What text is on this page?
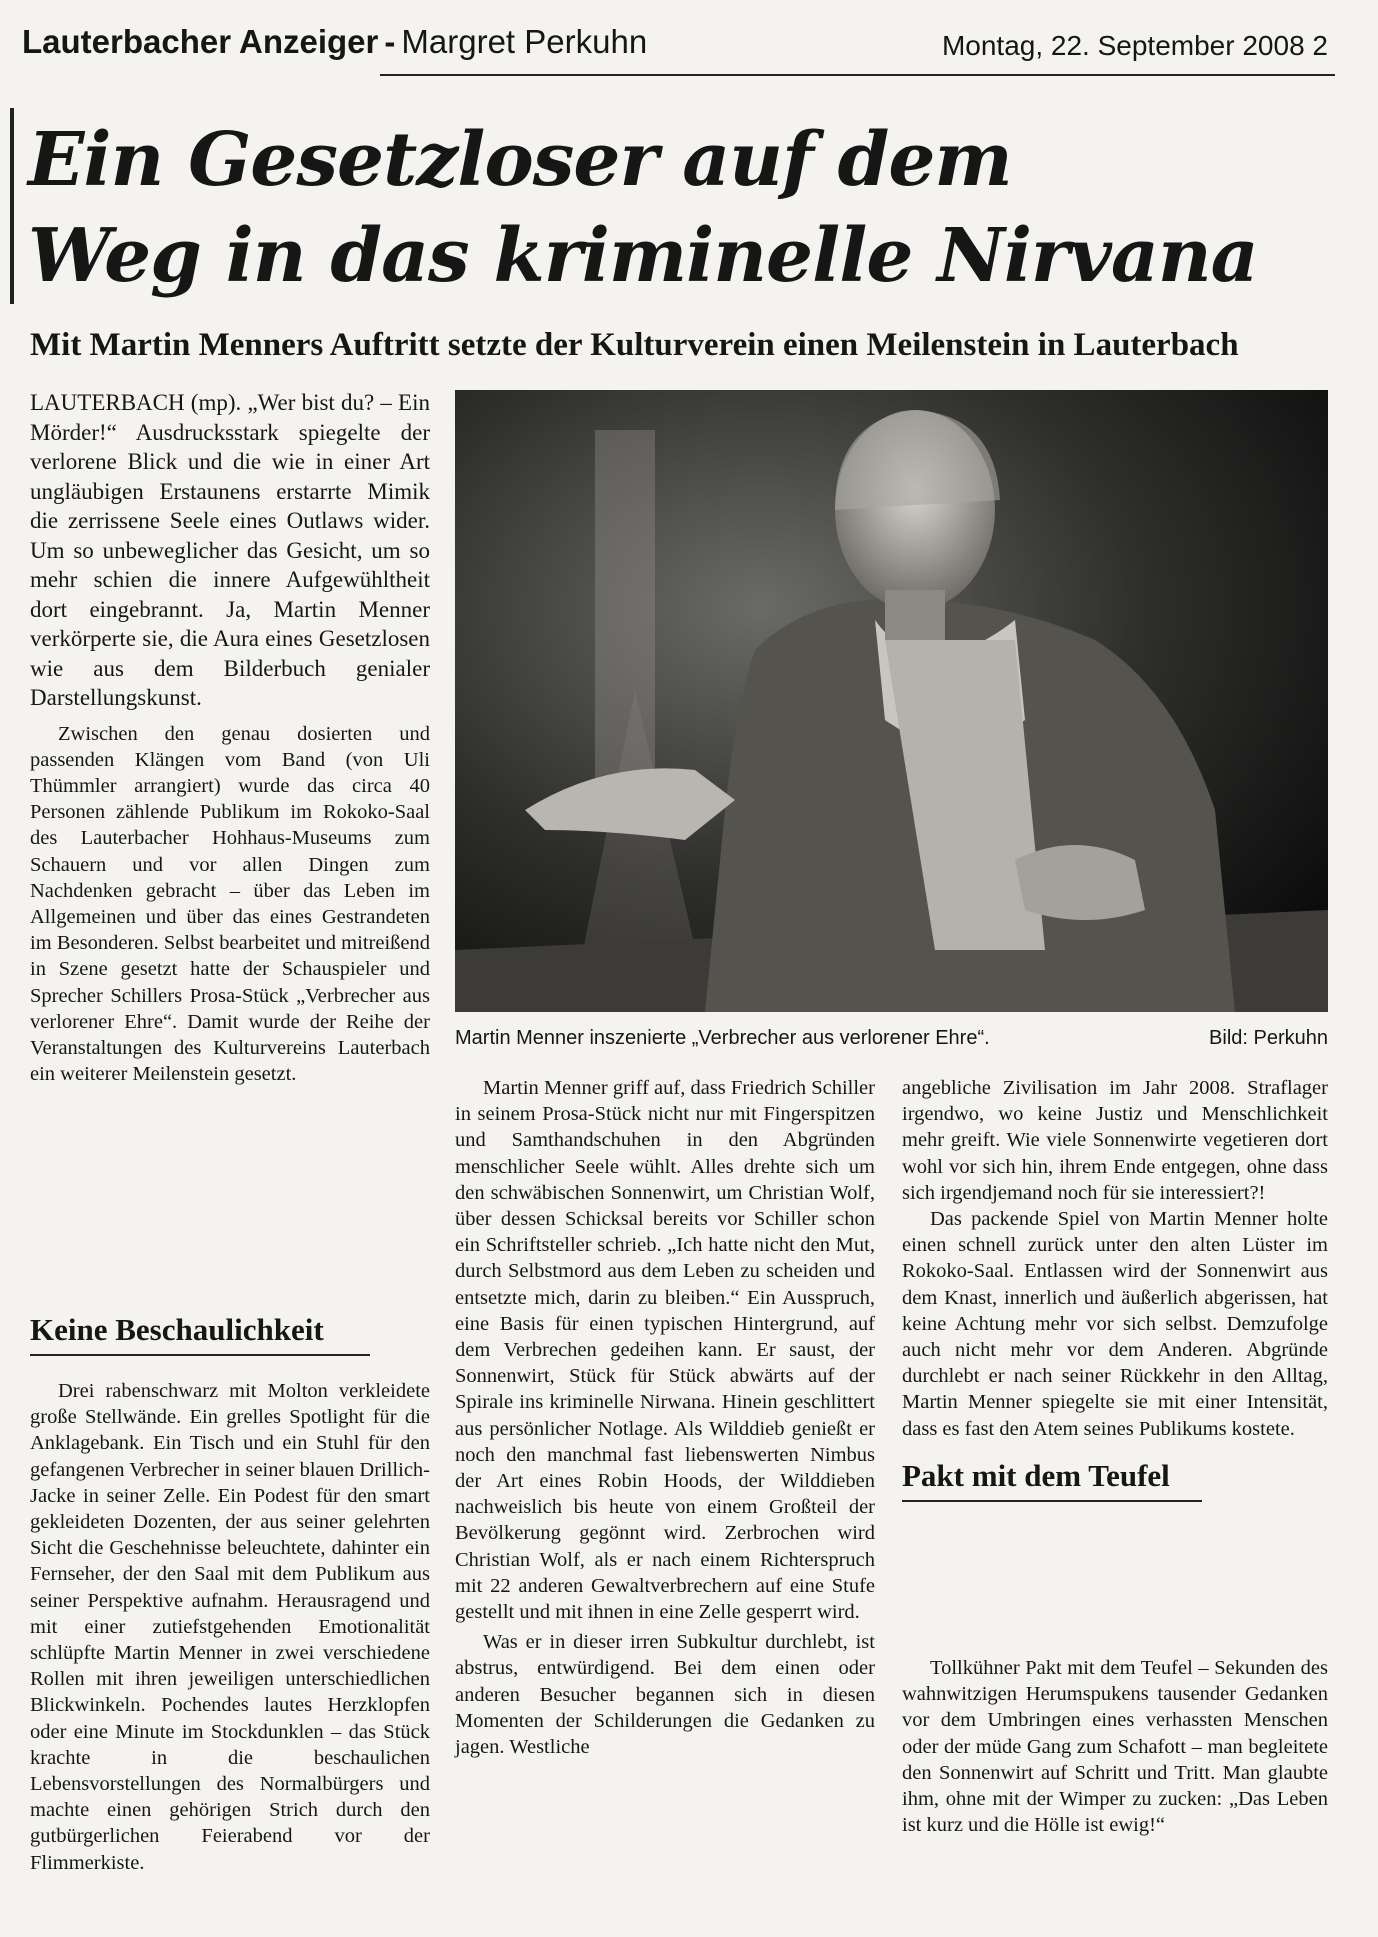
Lauterbacher Anzeiger - Margret Perkuhn	Montag, 22. September 2008 2
Ein Gesetzloser auf dem
Weg in das kriminelle Nirvana
Mit Martin Menners Auftritt setzte der Kulturverein einen Meilenstein in Lauterbach

LAUTERBACH (mp). „Wer bist du? – Ein Mörder!“ Ausdrucksstark spiegelte der verlorene Blick und die wie in einer Art ungläubigen Erstaunens erstarrte Mimik die zerrissene Seele eines Outlaws wider. Um so unbeweglicher das Gesicht, um so mehr schien die innere Aufgewühltheit dort eingebrannt. Ja, Martin Menner verkörperte sie, die Aura eines Gesetzlosen wie aus dem Bilderbuch genialer Darstellungskunst.

Zwischen den genau dosierten und passenden Klängen vom Band (von Uli Thümmler arrangiert) wurde das circa 40 Personen zählende Publikum im Rokoko-Saal des Lauterbacher Hohhaus-Museums zum Schauern und vor allen Dingen zum Nachdenken gebracht – über das Leben im Allgemeinen und über das eines Gestrandeten im Besonderen. Selbst bearbeitet und mitreißend in Szene gesetzt hatte der Schauspieler und Sprecher Schillers Prosa-Stück „Verbrecher aus verlorener Ehre“. Damit wurde der Reihe der Veranstaltungen des Kulturvereins Lauterbach ein weiterer Meilenstein gesetzt.

Keine Beschaulichkeit

Drei rabenschwarz mit Molton verkleidete große Stellwände. Ein grelles Spotlight für die Anklagebank. Ein Tisch und ein Stuhl für den gefangenen Verbrecher in seiner blauen Drillich-Jacke in seiner Zelle. Ein Podest für den smart gekleideten Dozenten, der aus seiner gelehrten Sicht die Geschehnisse beleuchtete, dahinter ein Fernseher, der den Saal mit dem Publikum aus seiner Perspektive aufnahm. Herausragend und mit einer zutiefstgehenden Emotionalität schlüpfte Martin Menner in zwei verschiedene Rollen mit ihren jeweiligen unterschiedlichen Blickwinkeln. Pochendes lautes Herzklopfen oder eine Minute im Stockdunklen – das Stück krachte in die beschaulichen Lebensvorstellungen des Normalbürgers und machte einen gehörigen Strich durch den gutbürgerlichen Feierabend vor der Flimmerkiste.

Martin Menner inszenierte „Verbrecher aus verlorener Ehre“.	Bild: Perkuhn

Martin Menner griff auf, dass Friedrich Schiller in seinem Prosa-Stück nicht nur mit Fingerspitzen und Samthandschuhen in den Abgründen menschlicher Seele wühlt. Alles drehte sich um den schwäbischen Sonnenwirt, um Christian Wolf, über dessen Schicksal bereits vor Schiller schon ein Schriftsteller schrieb. „Ich hatte nicht den Mut, durch Selbstmord aus dem Leben zu scheiden und entsetzte mich, darin zu bleiben.“ Ein Ausspruch, eine Basis für einen typischen Hintergrund, auf dem Verbrechen gedeihen kann. Er saust, der Sonnenwirt, Stück für Stück abwärts auf der Spirale ins kriminelle Nirwana. Hinein geschlittert aus persönlicher Notlage. Als Wilddieb genießt er noch den manchmal fast liebenswerten Nimbus der Art eines Robin Hoods, der Wilddieben nachweislich bis heute von einem Großteil der Bevölkerung gegönnt wird. Zerbrochen wird Christian Wolf, als er nach einem Richterspruch mit 22 anderen Gewaltverbrechern auf eine Stufe gestellt und mit ihnen in eine Zelle gesperrt wird.

Was er in dieser irren Subkultur durchlebt, ist abstrus, entwürdigend. Bei dem einen oder anderen Besucher begannen sich in diesen Momenten der Schilderungen die Gedanken zu jagen. Westliche

angebliche Zivilisation im Jahr 2008. Straflager irgendwo, wo keine Justiz und Menschlichkeit mehr greift. Wie viele Sonnenwirte vegetieren dort wohl vor sich hin, ihrem Ende entgegen, ohne dass sich irgendjemand noch für sie interessiert?!

Das packende Spiel von Martin Menner holte einen schnell zurück unter den alten Lüster im Rokoko-Saal. Entlassen wird der Sonnenwirt aus dem Knast, innerlich und äußerlich abgerissen, hat keine Achtung mehr vor sich selbst. Demzufolge auch nicht mehr vor dem Anderen. Abgründe durchlebt er nach seiner Rückkehr in den Alltag, Martin Menner spiegelte sie mit einer Intensität, dass es fast den Atem seines Publikums kostete.

Pakt mit dem Teufel

Tollkühner Pakt mit dem Teufel – Sekunden des wahnwitzigen Herumspukens tausender Gedanken vor dem Umbringen eines verhassten Menschen oder der müde Gang zum Schafott – man begleitete den Sonnenwirt auf Schritt und Tritt. Man glaubte ihm, ohne mit der Wimper zu zucken: „Das Leben ist kurz und die Hölle ist ewig!“
